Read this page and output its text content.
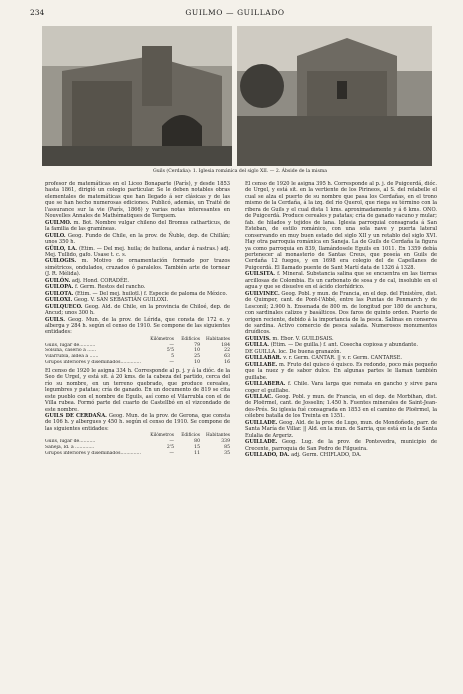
234	GUILMO — GUILLADO
Guils (Cerdaña): 1. Iglesia románica del siglo XII. — 2. Ábside de la misma

profesor de matemáticas en el Liceo Bonaparte (París), y desde 1853 hasta 1861, dirigió un colegio particular. Se le deben notables obras elementales de matemáticas que han llegado á ser clásicas y de las que se han hecho numerosas ediciones. Publicó, además, un Traité de l'assurance sur la vie (París, 1866) y varias notas interesantes en Nouvelles Annales de Mathématiques de Terquem.

GUILMO. m. Bot. Nombre vulgar chileno del Bromus catharticus, de la familia de las gramíneas.

GUILO. Geog. Fundo de Chile, en la prov. de Ñuble, dep. de Chillán; unos 350 h.

GÜILO, LA. (Etim. — Del mej. huila; de huilona, andar á rastras.) adj. Mej. Tullido, gafo. Usase t. c. s.

GUILOGIS. m. Motivo de ornamentación formado por trazos simétricos, ondulados, cruzados ó paralelos. También arte de tornear (J. R. Mélida).

GUILÓN. adj. Hond. CORADÉE.

GUILOPA. f. Germ. Restos del rancho.

GUILOTA. (Etim. — Del mej. huilotl.) f. Especie de paloma de México.

GUILOXI. Geog. V. SAN SEBASTIÁN GUILOXI.

GUILQUECO. Geog. Ald. de Chile, en la provincia de Chiloé, dep. de Ancud; unos 300 h.

GUILS. Geog. Mun. de la prov. de Lérida, que consta de 172 e. y alberga y 284 h. según el censo de 1910. Se compone de las siguientes entidades:

Kilómetros	Edificios	Habitantes
Guils, lugar de...........	—	79	184
Solsina, caserío á ......	5'5	10	22
Vilarrubla, aldea á ......	5	25	63
Grupos inferiores y diseminados..............	—	10	16

El censo de 1920 le asigna 334 h. Corresponde al p. j. y á la dióc. de la Seo de Urgel, y está sit. á 20 kms. de la cabeza del partido, cerca del río su nombre, en un terreno quebrado, que produce cereales, legumbres y patatas; cría de ganado. En un documento de 819 se cita este pueblo con el nombre de Eguils, así como el Vilarrubla con el de Villa rubea. Formó parte del cuarto de Castellbó en el vizcondado de este nombre.

GUILS DE CERDAÑA. Geog. Mun. de la prov. de Gerona, que consta de 106 h. y albergues y 450 h. según el censo de 1910. Se compone de las siguientes entidades:

Kilómetros	Edificios	Habitantes
Guils, lugar de...........	—	80	339
Saneja, ld. á .............	2'5	15	85
Grupos inferiores y diseminados..............	—	11	35

El censo de 1920 le asigna 395 h. Corresponde al p. j. de Puigcerdá, dióc. de Urgel, y está sit. en la vertiente de los Pirineos, al S. del relabelle el cual se alza el puerto de su nombre que pasa los Cerdañas, en el trono mismo de la Cerdaña, á la izq. del río Querol, que riega su término con la ribera de Guils y el cual dista 1 kms. aproximadamente y á 6 kms. ONO. de Puigcerdá. Produce cereales y patatas; cría de ganado vacuno y mular; fab. de hilados y tejidos de lana. Iglesia parroquial consagrada á San Esteban, de estilo románico, con una sola nave y puerta lateral conservando en muy buen estado del siglo XII y un retablo del siglo XVI. Hay otra parroquia románica en Saneja. La de Guils de Cerdaña la figura ya como parroquia en 839, llamándosele Eguils en 1011. En 1359 debía pertenecer al monasterio de Santas Creus, que poseía en Guils de Cerdaña 12 fuegos, y en 1698 era colegio del de Capellanes de Puigcerdá. El llamado puente de Sant Martí data de 1326 á 1328.

GUILSITA. f. Mineral. Substancia salina que se encuentra en las tierras arcillosas de Colombia. Es un carbonato de sosa y de cal, insoluble en el agua y que se disuelve en el ácido clorhídrico.

GUILVINEC. Geog. Pobl. y mun. de Francia, en el dep. del Finistère, dist. de Quimper, cant. de Pont-l'Abbé, entre las Puntas de Penmarch y de Lesconil; 2.900 h. Ensenada de 800 m. de longitud por 180 de anchura, con sardinales calizos y basálticos. Dos faros de quinto orden. Puerto de origen reciente, debido á la importancia de la pesca. Salinas en conserva de sardina. Activo comercio de pesca salada. Numerosos monumentos druídicos.

GUILVIS. m. Ebor. V. GUILDSAIS.

GUILLA. (Etim. — De guilla.) f. ant. Cosecha copiosa y abundante.

DE GUILLA. loc. De buena granazón.

GUILLABAR. v. r. Germ. CANTAR. || v. r. Germ. CANTARSE.

GUILLABE. m. Fruto del quisco ó quisco. Es redondo, poco más pequeño que la nuez y de sabor dulce. En algunas partes le llaman también guillabe.

GUILLABERA. f. Chile. Vara larga que remata en gancho y sirve para coger el guillabe.

GUILLAC. Geog. Pobl. y mun. de Francia, en el dep. de Morbihan, dist. de Ploërmel, cant. de Josselin; 1.450 h. Fuentes minerales de Saint-Jean-des-Prés. Su iglesia fué consagrada en 1853 en el camino de Ploërmel, la célebre batalla de los Treinta en 1351.

GUILLADE. Geog. Ald. de la prov. de Lugo, mun. de Mondoñedo, parr. de Santa María de Villar. || Ald. en la mun. de Sarria, que está en la de Santa Eulalia de Argeriz.

GUILLADE. Geog. Lug. de la prov. de Pontevedra, municipio de Crecente, parroquia de San Pedro de Filgueira.

GUILLADO, DA. adj. Germ. CHIFLADO, DA.
